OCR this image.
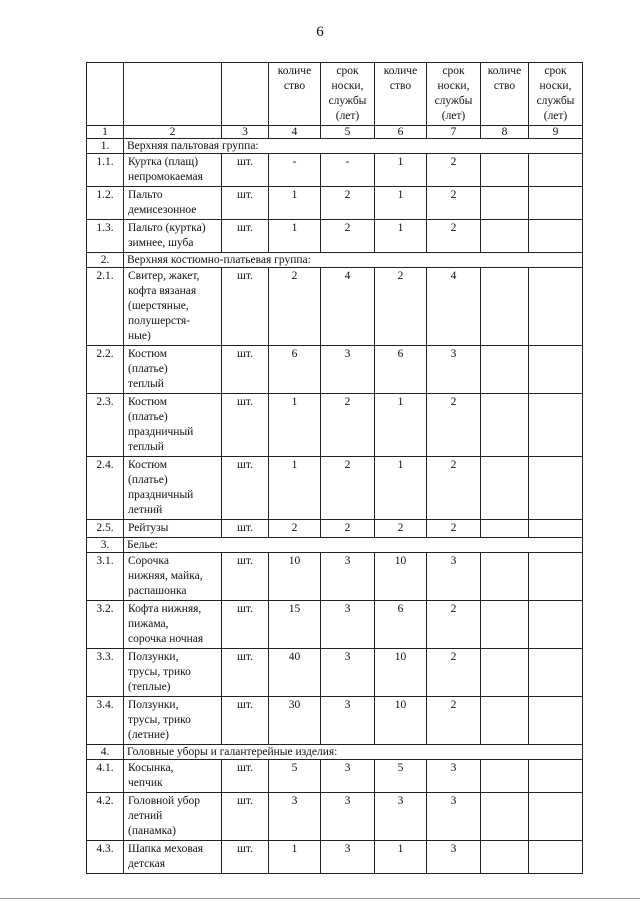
6
			количе
ство	срок
носки,
службы
(лет)	количе
ство	срок
носки,
службы
(лет)	количе
ство	срок
носки,
службы
(лет)
1	2	3	4	5	6	7	8	9
1.	Верхняя пальтовая группа:							
1.1.	Куртка (плащ)
непромокаемая	шт.	-	-	1	2		
1.2.	Пальто
демисезонное	шт.	1	2	1	2		
1.3.	Пальто (куртка)
зимнее, шуба	шт.	1	2	1	2		
2.	Верхняя костюмно-платьевая группа:							
2.1.	Свитер, жакет,
кофта вязаная
(шерстяные,
полушерстя-
ные)	шт.	2	4	2	4		
2.2.	Костюм
(платье)
теплый	шт.	6	3	6	3		
2.3.	Костюм
(платье)
праздничный
теплый	шт.	1	2	1	2		
2.4.	Костюм
(платье)
праздничный
летний	шт.	1	2	1	2		
2.5.	Рейтузы	шт.	2	2	2	2		
3.	Белье:							
3.1.	Сорочка
нижняя, майка,
распашонка	шт.	10	3	10	3		
3.2.	Кофта нижняя,
пижама,
сорочка ночная	шт.	15	3	6	2		
3.3.	Ползунки,
трусы, трико
(теплые)	шт.	40	3	10	2		
3.4.	Ползунки,
трусы, трико
(летние)	шт.	30	3	10	2		
4.	Головные уборы и галантерейные изделия:							
4.1.	Косынка,
чепчик	шт.	5	3	5	3		
4.2.	Головной убор
летний
(панамка)	шт.	3	3	3	3		
4.3.	Шапка меховая
детская	шт.	1	3	1	3		
